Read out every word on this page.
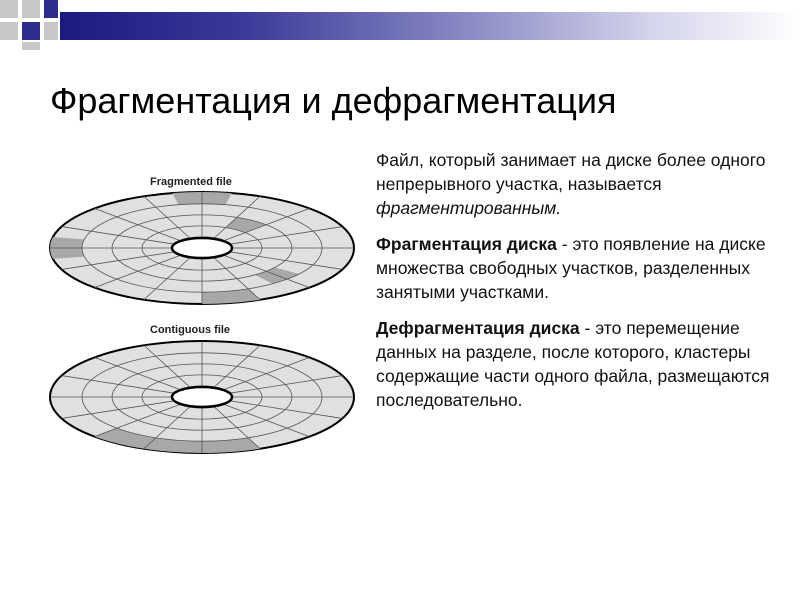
Фрагментация и дефрагментация
Fragmented file
Contiguous file

Файл, который занимает на диске более одного непрерывного участка, называется фрагментированным.

Фрагментация диска - это появление на диске множества свободных участков, разделенных занятыми участками.

Дефрагментация диска - это перемещение данных на разделе, после которого, кластеры содержащие части одного файла, размещаются последовательно.
